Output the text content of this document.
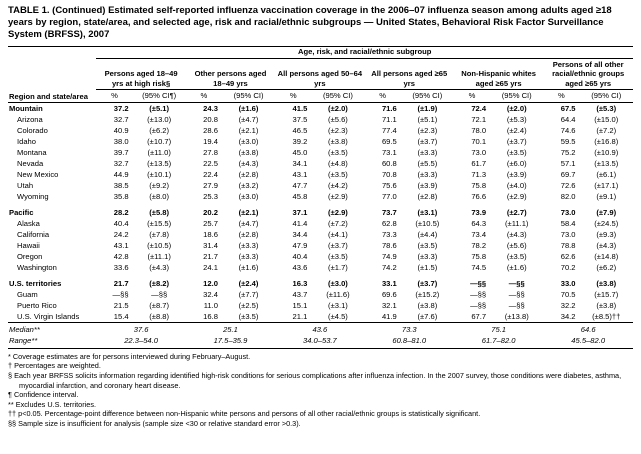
TABLE 1. (Continued) Estimated self-reported influenza vaccination coverage in the 2006–07 influenza season among adults aged ≥18 years by region, state/area, and selected age, risk and racial/ethnic subgroups — United States, Behavioral Risk Factor Surveillance System (BRFSS), 2007
Region and state/area	Age, risk, and racial/ethnic subgroup											
	Persons aged 18–49 yrs at high risk§		Other persons aged 18–49 yrs		All persons aged 50–64 yrs		All persons aged ≥65 yrs		Non-Hispanic whites aged ≥65 yrs		Persons of all other racial/ethnic groups aged ≥65 yrs	
	%	(95% CI¶)	%	(95% CI)	%	(95% CI)	%	(95% CI)	%	(95% CI)	%	(95% CI)
Mountain	37.2	(±5.1)	24.3	(±1.6)	41.5	(±2.0)	71.6	(±1.9)	72.4	(±2.0)	67.5	(±5.3)
Arizona	32.7	(±13.0)	20.8	(±4.7)	37.5	(±5.6)	71.1	(±5.1)	72.1	(±5.3)	64.4	(±15.0)
Colorado	40.9	(±6.2)	28.6	(±2.1)	46.5	(±2.3)	77.4	(±2.3)	78.0	(±2.4)	74.6	(±7.2)
Idaho	38.0	(±10.7)	19.4	(±3.0)	39.2	(±3.8)	69.5	(±3.7)	70.1	(±3.7)	59.5	(±16.8)
Montana	39.7	(±11.0)	27.8	(±3.8)	45.0	(±3.5)	73.1	(±3.3)	73.0	(±3.5)	75.2	(±10.9)
Nevada	32.7	(±13.5)	22.5	(±4.3)	34.1	(±4.8)	60.8	(±5.5)	61.7	(±6.0)	57.1	(±13.5)
New Mexico	44.9	(±10.1)	22.4	(±2.8)	43.1	(±3.5)	70.8	(±3.3)	71.3	(±3.9)	69.7	(±6.1)
Utah	38.5	(±9.2)	27.9	(±3.2)	47.7	(±4.2)	75.6	(±3.9)	75.8	(±4.0)	72.6	(±17.1)
Wyoming	35.8	(±8.0)	25.3	(±3.0)	45.8	(±2.9)	77.0	(±2.8)	76.6	(±2.9)	82.0	(±9.1)
Pacific	28.2	(±5.8)	20.2	(±2.1)	37.1	(±2.9)	73.7	(±3.1)	73.9	(±2.7)	73.0	(±7.9)
Alaska	40.4	(±15.5)	25.7	(±4.7)	41.4	(±7.2)	62.8	(±10.5)	64.3	(±11.1)	58.4	(±24.5)
California	24.2	(±7.8)	18.6	(±2.8)	34.4	(±4.1)	73.3	(±4.4)	73.4	(±4.3)	73.0	(±9.3)
Hawaii	43.1	(±10.5)	31.4	(±3.3)	47.9	(±3.7)	78.6	(±3.5)	78.2	(±5.6)	78.8	(±4.3)
Oregon	42.8	(±11.1)	21.7	(±3.3)	40.4	(±3.5)	74.9	(±3.3)	75.8	(±3.5)	62.6	(±14.8)
Washington	33.6	(±4.3)	24.1	(±1.6)	43.6	(±1.7)	74.2	(±1.5)	74.5	(±1.6)	70.2	(±6.2)
U.S. territories	21.7	(±8.2)	12.0	(±2.4)	16.3	(±3.0)	33.1	(±3.7)	—§§	—§§	33.0	(±3.8)
Guam	—§§	—§§	32.4	(±7.7)	43.7	(±11.6)	69.6	(±15.2)	—§§	—§§	70.5	(±15.7)
Puerto Rico	21.5	(±8.7)	11.0	(±2.5)	15.1	(±3.1)	32.1	(±3.8)	—§§	—§§	32.2	(±3.8)
U.S. Virgin Islands	15.4	(±8.8)	16.8	(±3.5)	21.1	(±4.5)	41.9	(±7.6)	67.7	(±13.8)	34.2	(±8.5)††
Median**	37.6		25.1		43.6		73.3		75.1		64.6	
Range**	22.3–54.0		17.5–35.9		34.0–53.7		60.8–81.0		61.7–82.0		45.5–82.0	
* Coverage estimates are for persons interviewed during February–August.
† Percentages are weighted.
§ Each year BRFSS solicits information regarding identified high-risk conditions for serious complications after influenza infection. In the 2007 survey, those conditions were diabetes, asthma, myocardial infarction, and coronary heart disease.
¶ Confidence interval.
** Excludes U.S. territories.
†† p<0.05. Percentage-point difference between non-Hispanic white persons and persons of all other racial/ethnic groups is statistically significant.
§§ Sample size is insufficient for analysis (sample size <30 or relative standard error >0.3).
